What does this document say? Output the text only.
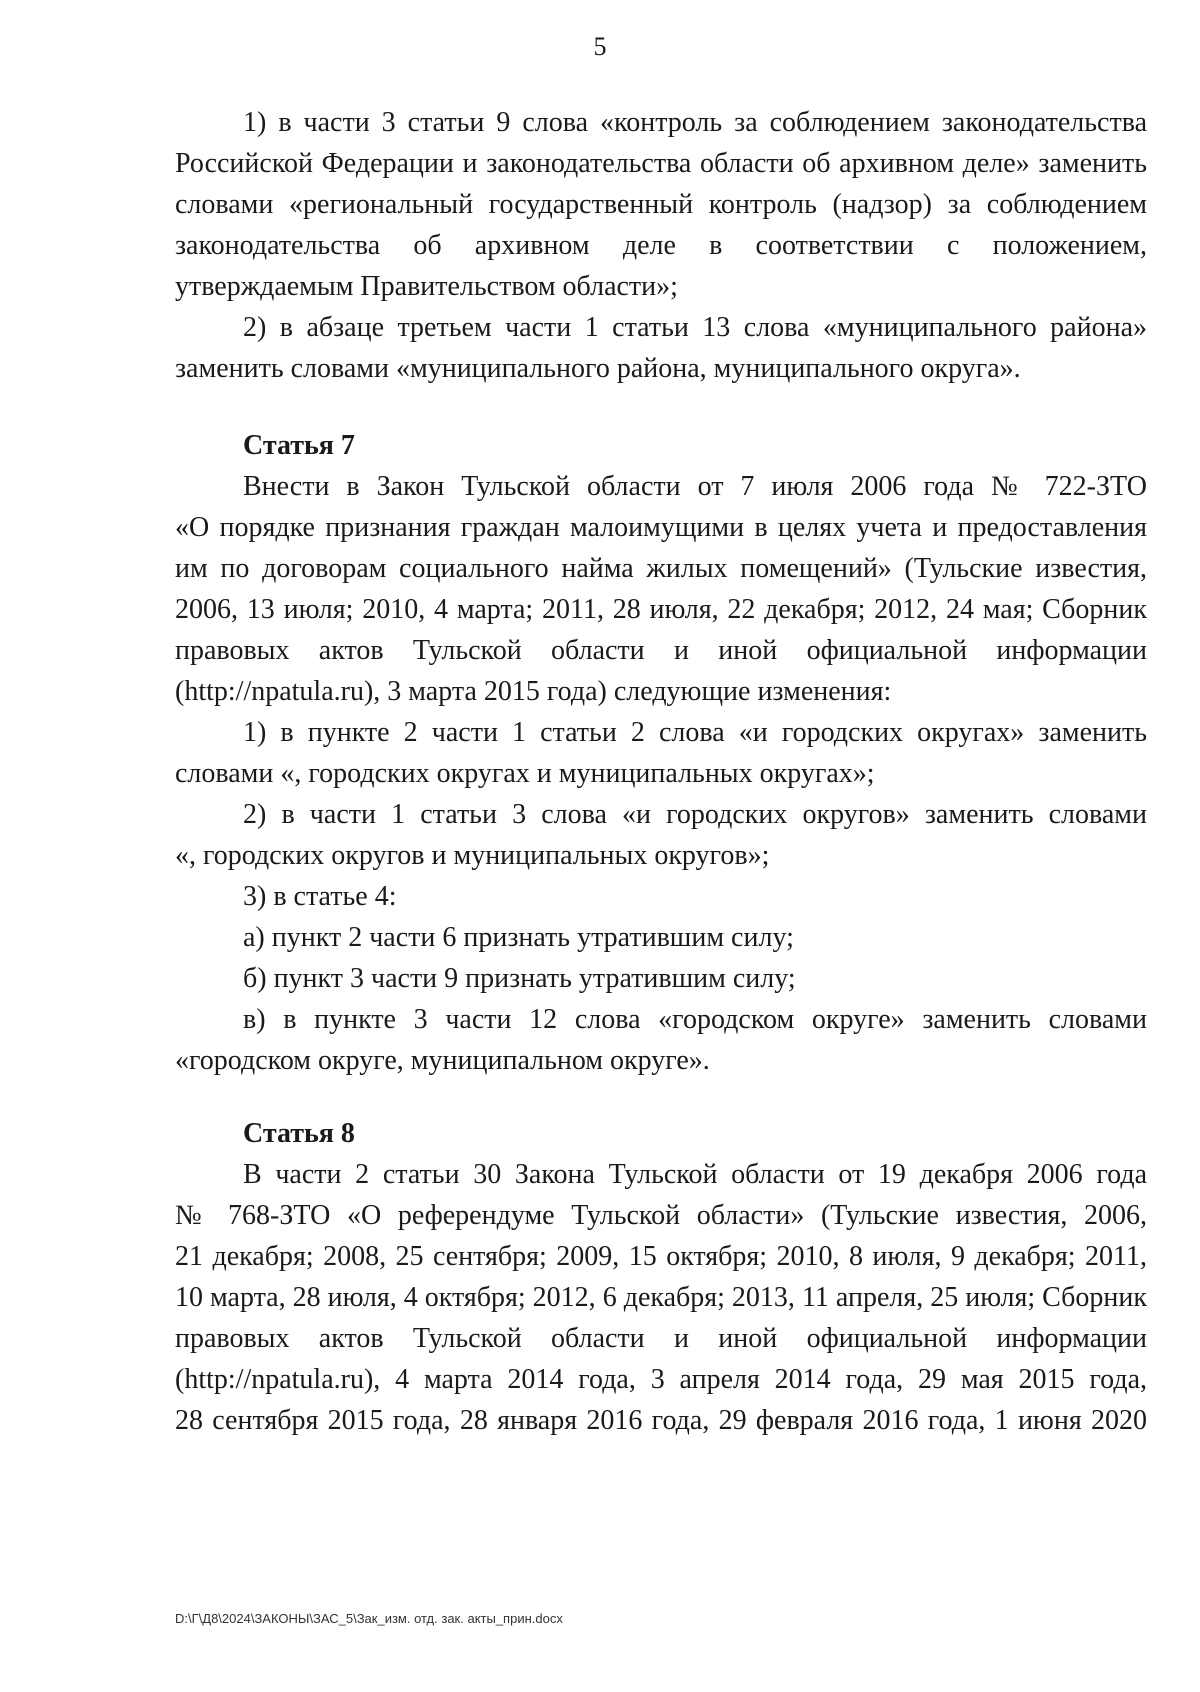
5
1) в части 3 статьи 9 слова «контроль за соблюдением законодательства
Российской Федерации и законодательства области об архивном деле» заменить
словами «региональный государственный контроль (надзор) за соблюдением
законодательства об архивном деле в соответствии с положением,
утверждаемым Правительством области»;
2) в абзаце третьем части 1 статьи 13 слова «муниципального района»
заменить словами «муниципального района, муниципального округа».
Статья 7
Внести в Закон Тульской области от 7 июля 2006 года № 722-ЗТО
«О порядке признания граждан малоимущими в целях учета и предоставления
им по договорам социального найма жилых помещений» (Тульские известия,
2006, 13 июля; 2010, 4 марта; 2011, 28 июля, 22 декабря; 2012, 24 мая; Сборник
правовых актов Тульской области и иной официальной информации
(http://npatula.ru), 3 марта 2015 года) следующие изменения:
1) в пункте 2 части 1 статьи 2 слова «и городских округах» заменить
словами «, городских округах и муниципальных округах»;
2) в части 1 статьи 3 слова «и городских округов» заменить словами
«, городских округов и муниципальных округов»;
3) в статье 4:
а) пункт 2 части 6 признать утратившим силу;
б) пункт 3 части 9 признать утратившим силу;
в) в пункте 3 части 12 слова «городском округе» заменить словами
«городском округе, муниципальном округе».
Статья 8
В части 2 статьи 30 Закона Тульской области от 19 декабря 2006 года
№ 768-ЗТО «О референдуме Тульской области» (Тульские известия, 2006,
21 декабря; 2008, 25 сентября; 2009, 15 октября; 2010, 8 июля, 9 декабря; 2011,
10 марта, 28 июля, 4 октября; 2012, 6 декабря; 2013, 11 апреля, 25 июля; Сборник
правовых актов Тульской области и иной официальной информации
(http://npatula.ru), 4 марта 2014 года, 3 апреля 2014 года, 29 мая 2015 года,
28 сентября 2015 года, 28 января 2016 года, 29 февраля 2016 года, 1 июня 2020
D:\Г\Д8\2024\ЗАКОНЫ\ЗАС_5\Зак_изм. отд. зак. акты_прин.docx
